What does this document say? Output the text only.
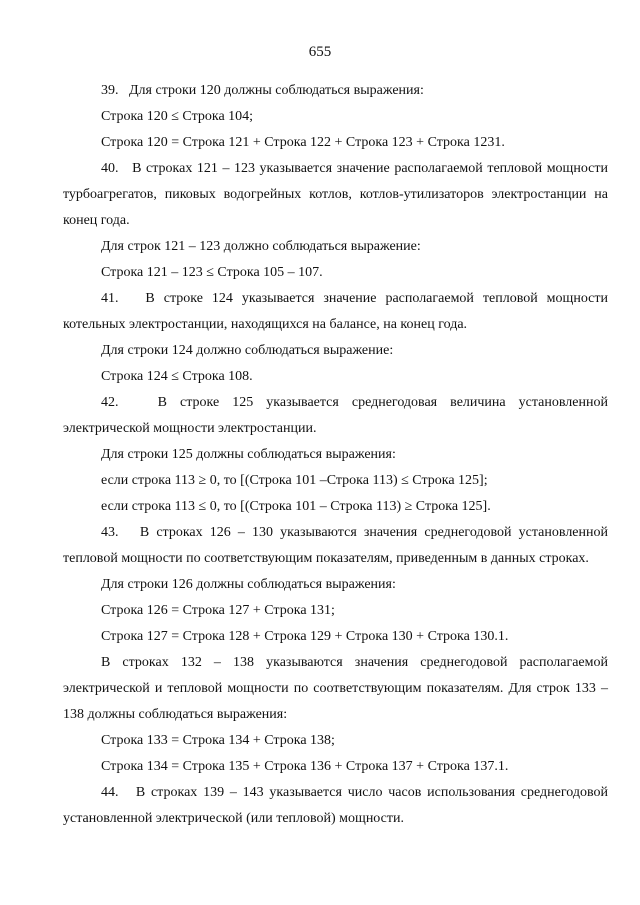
655

39.   Для строки 120 должны соблюдаться выражения:

Строка 120 ≤ Строка 104;

Строка 120 = Строка 121 + Строка 122 + Строка 123 + Строка 1231.

40.   В строках 121 – 123 указывается значение располагаемой тепловой мощности турбоагрегатов, пиковых водогрейных котлов, котлов-утилизаторов электростанции на конец года.

Для строк 121 – 123 должно соблюдаться выражение:

Строка 121 – 123 ≤ Строка 105 – 107.

41.   В строке 124 указывается значение располагаемой тепловой мощности котельных электростанции, находящихся на балансе, на конец года.

Для строки 124 должно соблюдаться выражение:

Строка 124 ≤ Строка 108.

42.   В строке 125 указывается среднегодовая величина установленной электрической мощности электростанции.

Для строки 125 должны соблюдаться выражения:

если строка 113 ≥ 0, то [(Строка 101 –Строка 113) ≤ Строка 125];

если строка 113 ≤ 0, то [(Строка 101 – Строка 113) ≥ Строка 125].

43.   В строках 126 – 130 указываются значения среднегодовой установленной тепловой мощности по соответствующим показателям, приведенным в данных строках.

Для строки 126 должны соблюдаться выражения:

Строка 126 = Строка 127 + Строка 131;

Строка 127 = Строка 128 + Строка 129 + Строка 130 + Строка 130.1.

В строках 132 – 138 указываются значения среднегодовой располагаемой электрической и тепловой мощности по соответствующим показателям. Для строк 133 – 138 должны соблюдаться выражения:

Строка 133 = Строка 134 + Строка 138;

Строка 134 = Строка 135 + Строка 136 + Строка 137 + Строка 137.1.

44.   В строках 139 – 143 указывается число часов использования среднегодовой установленной электрической (или тепловой) мощности.
